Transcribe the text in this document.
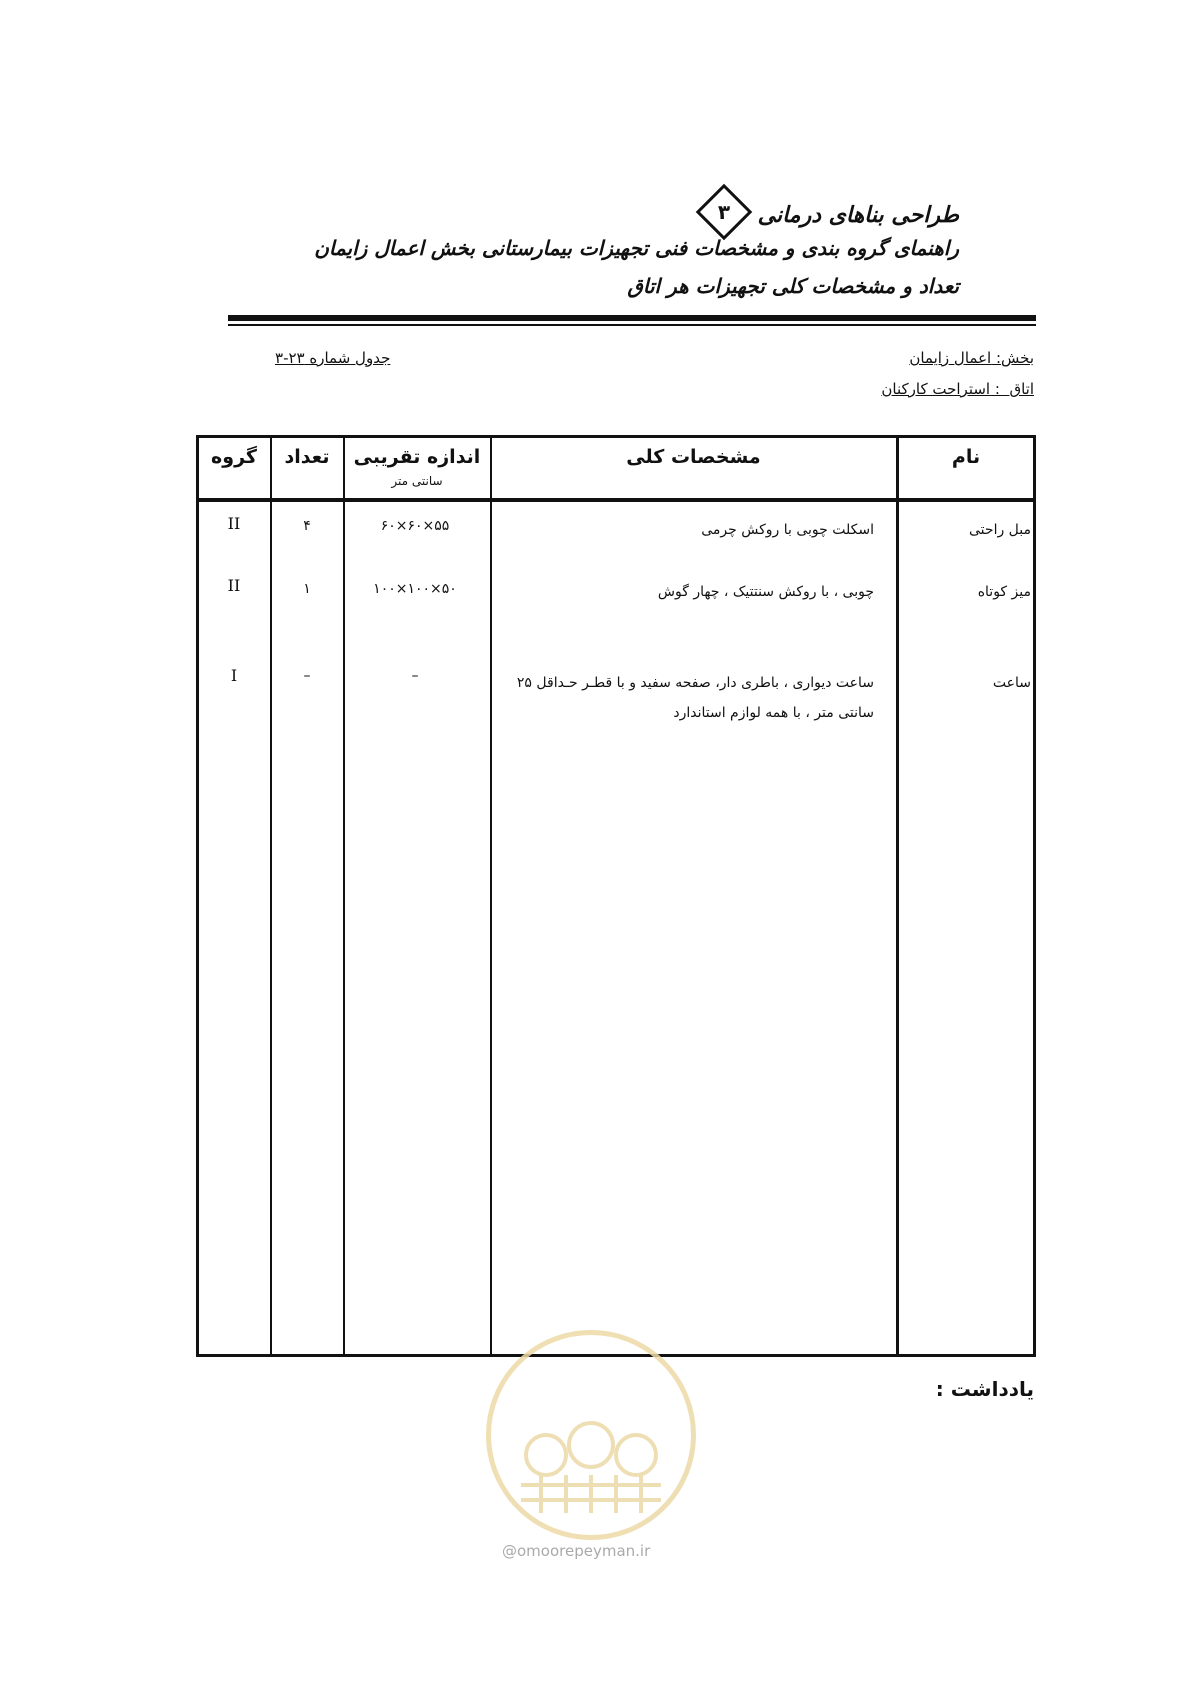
طراحی بناهای درمانی
۳
راهنمای گروه بندی و مشخصات فنی تجهیزات بیمارستانی بخش اعمال زایمان
تعداد و مشخصات کلی تجهیزات هر اتاق
بخش: اعمال زایمان
اتاق  : استراحت کارکنان
جدول شماره ۲۳-۳
نام
مشخصات کلی
اندازه تقریبی
سانتی متر
تعداد
گروه
مبل راحتی
اسکلت چوبی با روکش چرمی
۵۵×۶۰×۶۰
۴
II
میز کوتاه
چوبی ، با روکش سنتتیک ، چهار گوش
۵۰×۱۰۰×۱۰۰
۱
II
ساعت
ساعت دیواری ، باطری دار، صفحه سفید و با قطـر حـداقل ۲۵ سانتی متر ، با همه لوازم استاندارد
–
–
I
یادداشت :
@omoorepeyman.ir
